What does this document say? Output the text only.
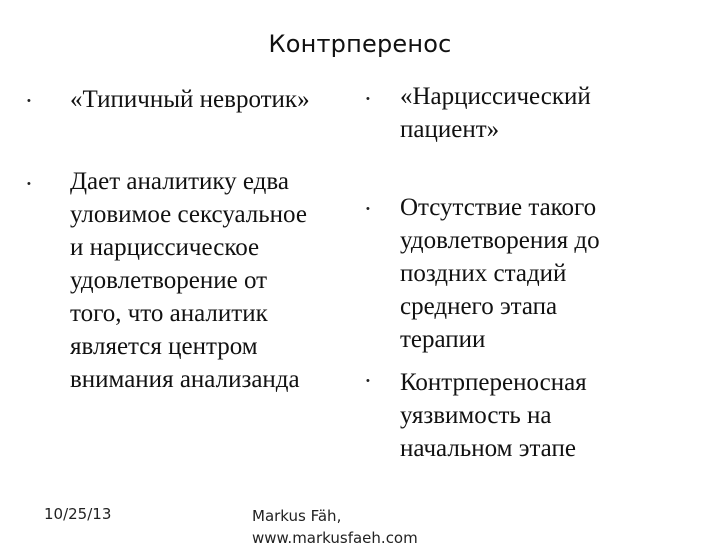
Контрперенос
• «Типичный невротик»
• Дает аналитику едва
уловимое сексуальное
и нарциссическое
удовлетворение от
того, что аналитик
является центром
внимания анализанда
• «Нарциссический
пациент»
• Отсутствие такого
удовлетворения до
поздних стадий
среднего этапа
терапии
• Контрпереносная
уязвимость на
начальном этапе
10/25/13	Markus Fäh,
www.markusfaeh.com
